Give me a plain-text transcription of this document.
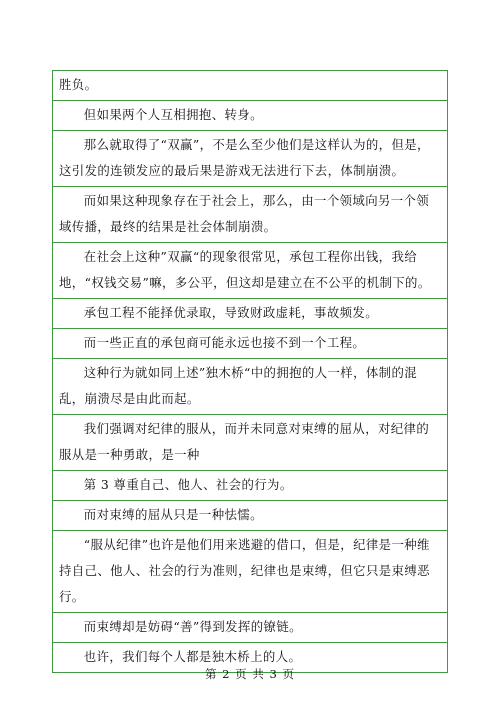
胜负。
但如果两个人互相拥抱、转身。
那么就取得了“双赢”，不是么至少他们是这样认为的，但是，这引发的连锁发应的最后果是游戏无法进行下去，体制崩溃。
而如果这种现象存在于社会上，那么，由一个领域向另一个领域传播，最终的结果是社会体制崩溃。
在社会上这种”双赢“的现象很常见，承包工程你出钱，我给地，“权钱交易”嘛，多公平，但这却是建立在不公平的机制下的。
承包工程不能择优录取，导致财政虚耗，事故频发。
而一些正直的承包商可能永远也接不到一个工程。
这种行为就如同上述”独木桥“中的拥抱的人一样，体制的混乱，崩溃尽是由此而起。
我们强调对纪律的服从，而并未同意对束缚的屈从，对纪律的服从是一种勇敢，是一种
第 3 尊重自己、他人、社会的行为。
而对束缚的屈从只是一种怯懦。
“服从纪律”也许是他们用来逃避的借口，但是，纪律是一种维持自己、他人、社会的行为准则，纪律也是束缚，但它只是束缚恶行。
而束缚却是妨碍“善”得到发挥的镣链。
也许，我们每个人都是独木桥上的人。
第 2 页 共 3 页
